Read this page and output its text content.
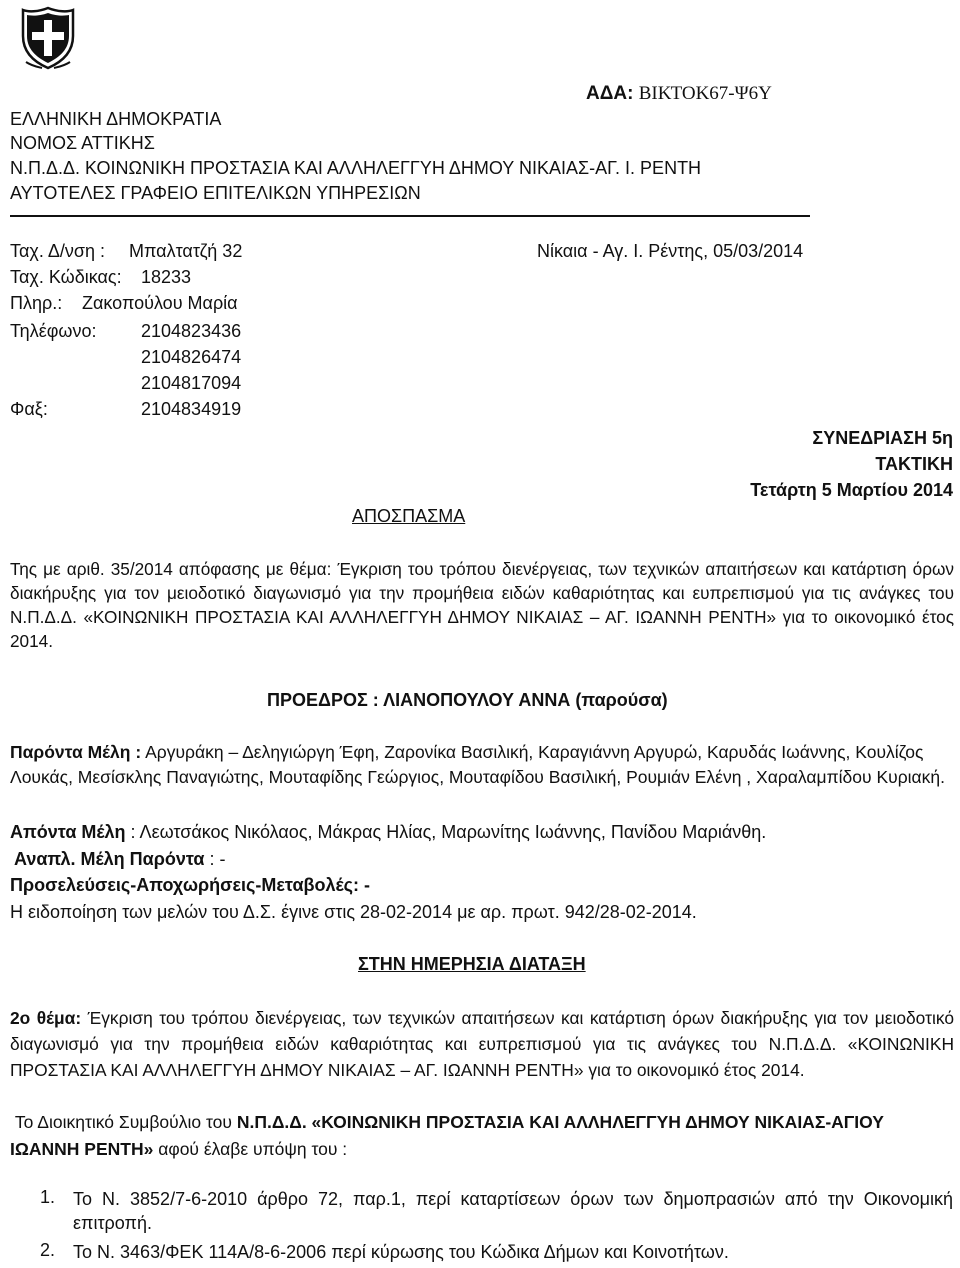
ΑΔΑ: ΒΙΚΤΟΚ67-Ψ6Υ
ΕΛΛΗΝΙΚΗ ΔΗΜΟΚΡΑΤΙΑ
ΝΟΜΟΣ ΑΤΤΙΚΗΣ
Ν.Π.Δ.Δ. ΚΟΙΝΩΝΙΚΗ ΠΡΟΣΤΑΣΙΑ ΚΑΙ ΑΛΛΗΛΕΓΓΥΗ ΔΗΜΟΥ ΝΙΚΑΙΑΣ-ΑΓ. Ι. ΡΕΝΤΗ
ΑΥΤΟΤΕΛΕΣ ΓΡΑΦΕΙΟ ΕΠΙΤΕΛΙΚΩΝ ΥΠΗΡΕΣΙΩΝ
Ταχ. Δ/νση : Μπαλτατζή 32	Νίκαια - Αγ. Ι. Ρέντης, 05/03/2014
Ταχ. Κώδικας: 18233
Πληρ.: Ζακοπούλου Μαρία
Τηλέφωνο: 2104823436
2104826474
2104817094
Φαξ:	2104834919
ΣΥΝΕΔΡΙΑΣΗ 5η
ΤΑΚΤΙΚΗ
Τετάρτη 5 Μαρτίου 2014
ΑΠΟΣΠΑΣΜΑ
Της με αριθ. 35/2014 απόφασης με θέμα: Έγκριση του τρόπου διενέργειας, των τεχνικών απαιτήσεων και κατάρτιση όρων διακήρυξης για τον μειοδοτικό διαγωνισμό για την προμήθεια ειδών καθαριότητας και ευπρεπισμού για τις ανάγκες του Ν.Π.Δ.Δ. «ΚΟΙΝΩΝΙΚΗ ΠΡΟΣΤΑΣΙΑ ΚΑΙ ΑΛΛΗΛΕΓΓΥΗ ΔΗΜΟΥ ΝΙΚΑΙΑΣ – ΑΓ. ΙΩΑΝΝΗ ΡΕΝΤΗ» για το οικονομικό έτος 2014.
ΠΡΟΕΔΡΟΣ : ΛΙΑΝΟΠΟΥΛΟΥ ΑΝΝΑ (παρούσα)
Παρόντα Μέλη : Αργυράκη – Δεληγιώργη Έφη, Ζαρονίκα Βασιλική, Καραγιάννη Αργυρώ, Καρυδάς Ιωάννης, Κουλίζος Λουκάς, Μεσίσκλης Παναγιώτης, Μουταφίδης Γεώργιος, Μουταφίδου Βασιλική, Ρουμιάν Ελένη , Χαραλαμπίδου Κυριακή.
Απόντα Μέλη : Λεωτσάκος Νικόλαος, Μάκρας Ηλίας, Μαρωνίτης Ιωάννης, Πανίδου Μαριάνθη.
Αναπλ. Μέλη Παρόντα : -
Προσελεύσεις-Αποχωρήσεις-Μεταβολές: -
Η ειδοποίηση των μελών του Δ.Σ. έγινε στις 28-02-2014 με αρ. πρωτ. 942/28-02-2014.
ΣΤΗΝ ΗΜΕΡΗΣΙΑ ΔΙΑΤΑΞΗ
2ο θέμα: Έγκριση του τρόπου διενέργειας, των τεχνικών απαιτήσεων και κατάρτιση όρων διακήρυξης για τον μειοδοτικό διαγωνισμό για την προμήθεια ειδών καθαριότητας και ευπρεπισμού για τις ανάγκες του Ν.Π.Δ.Δ. «ΚΟΙΝΩΝΙΚΗ ΠΡΟΣΤΑΣΙΑ ΚΑΙ ΑΛΛΗΛΕΓΓΥΗ ΔΗΜΟΥ ΝΙΚΑΙΑΣ – ΑΓ. ΙΩΑΝΝΗ ΡΕΝΤΗ» για το οικονομικό έτος 2014.
Το Διοικητικό Συμβούλιο του Ν.Π.Δ.Δ. «ΚΟΙΝΩΝΙΚΗ ΠΡΟΣΤΑΣΙΑ ΚΑΙ ΑΛΛΗΛΕΓΓΥΗ ΔΗΜΟΥ ΝΙΚΑΙΑΣ-ΑΓΙΟΥ ΙΩΑΝΝΗ ΡΕΝΤΗ» αφού έλαβε υπόψη του :
1. Το Ν. 3852/7-6-2010 άρθρο 72, παρ.1, περί καταρτίσεων όρων των δημοπρασιών από την Οικονομική επιτροπή.
2. Το Ν. 3463/ΦΕΚ 114Α/8-6-2006 περί κύρωσης του Κώδικα Δήμων και Κοινοτήτων.
